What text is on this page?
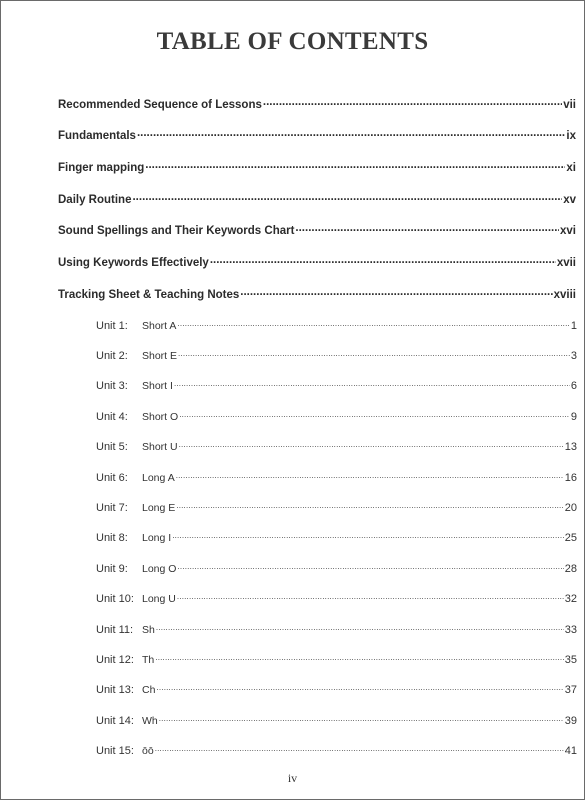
TABLE OF CONTENTS
Recommended Sequence of Lessons .....	vii
Fundamentals .....	ix
Finger mapping .....	xi
Daily Routine .....	xv
Sound Spellings and Their Keywords Chart .....	xvi
Using Keywords Effectively .....	xvii
Tracking Sheet & Teaching Notes .....	xviii
Unit 1:	Short A .....	1
Unit 2:	Short E .....	3
Unit 3:	Short I .....	6
Unit 4:	Short O .....	9
Unit 5:	Short U .....	13
Unit 6:	Long A .....	16
Unit 7:	Long E .....	20
Unit 8:	Long I .....	25
Unit 9:	Long O .....	28
Unit 10: Long U .....	32
Unit 11: Sh .....	33
Unit 12: Th .....	35
Unit 13: Ch .....	37
Unit 14: Wh .....	39
Unit 15: ōō .....	41
iv
